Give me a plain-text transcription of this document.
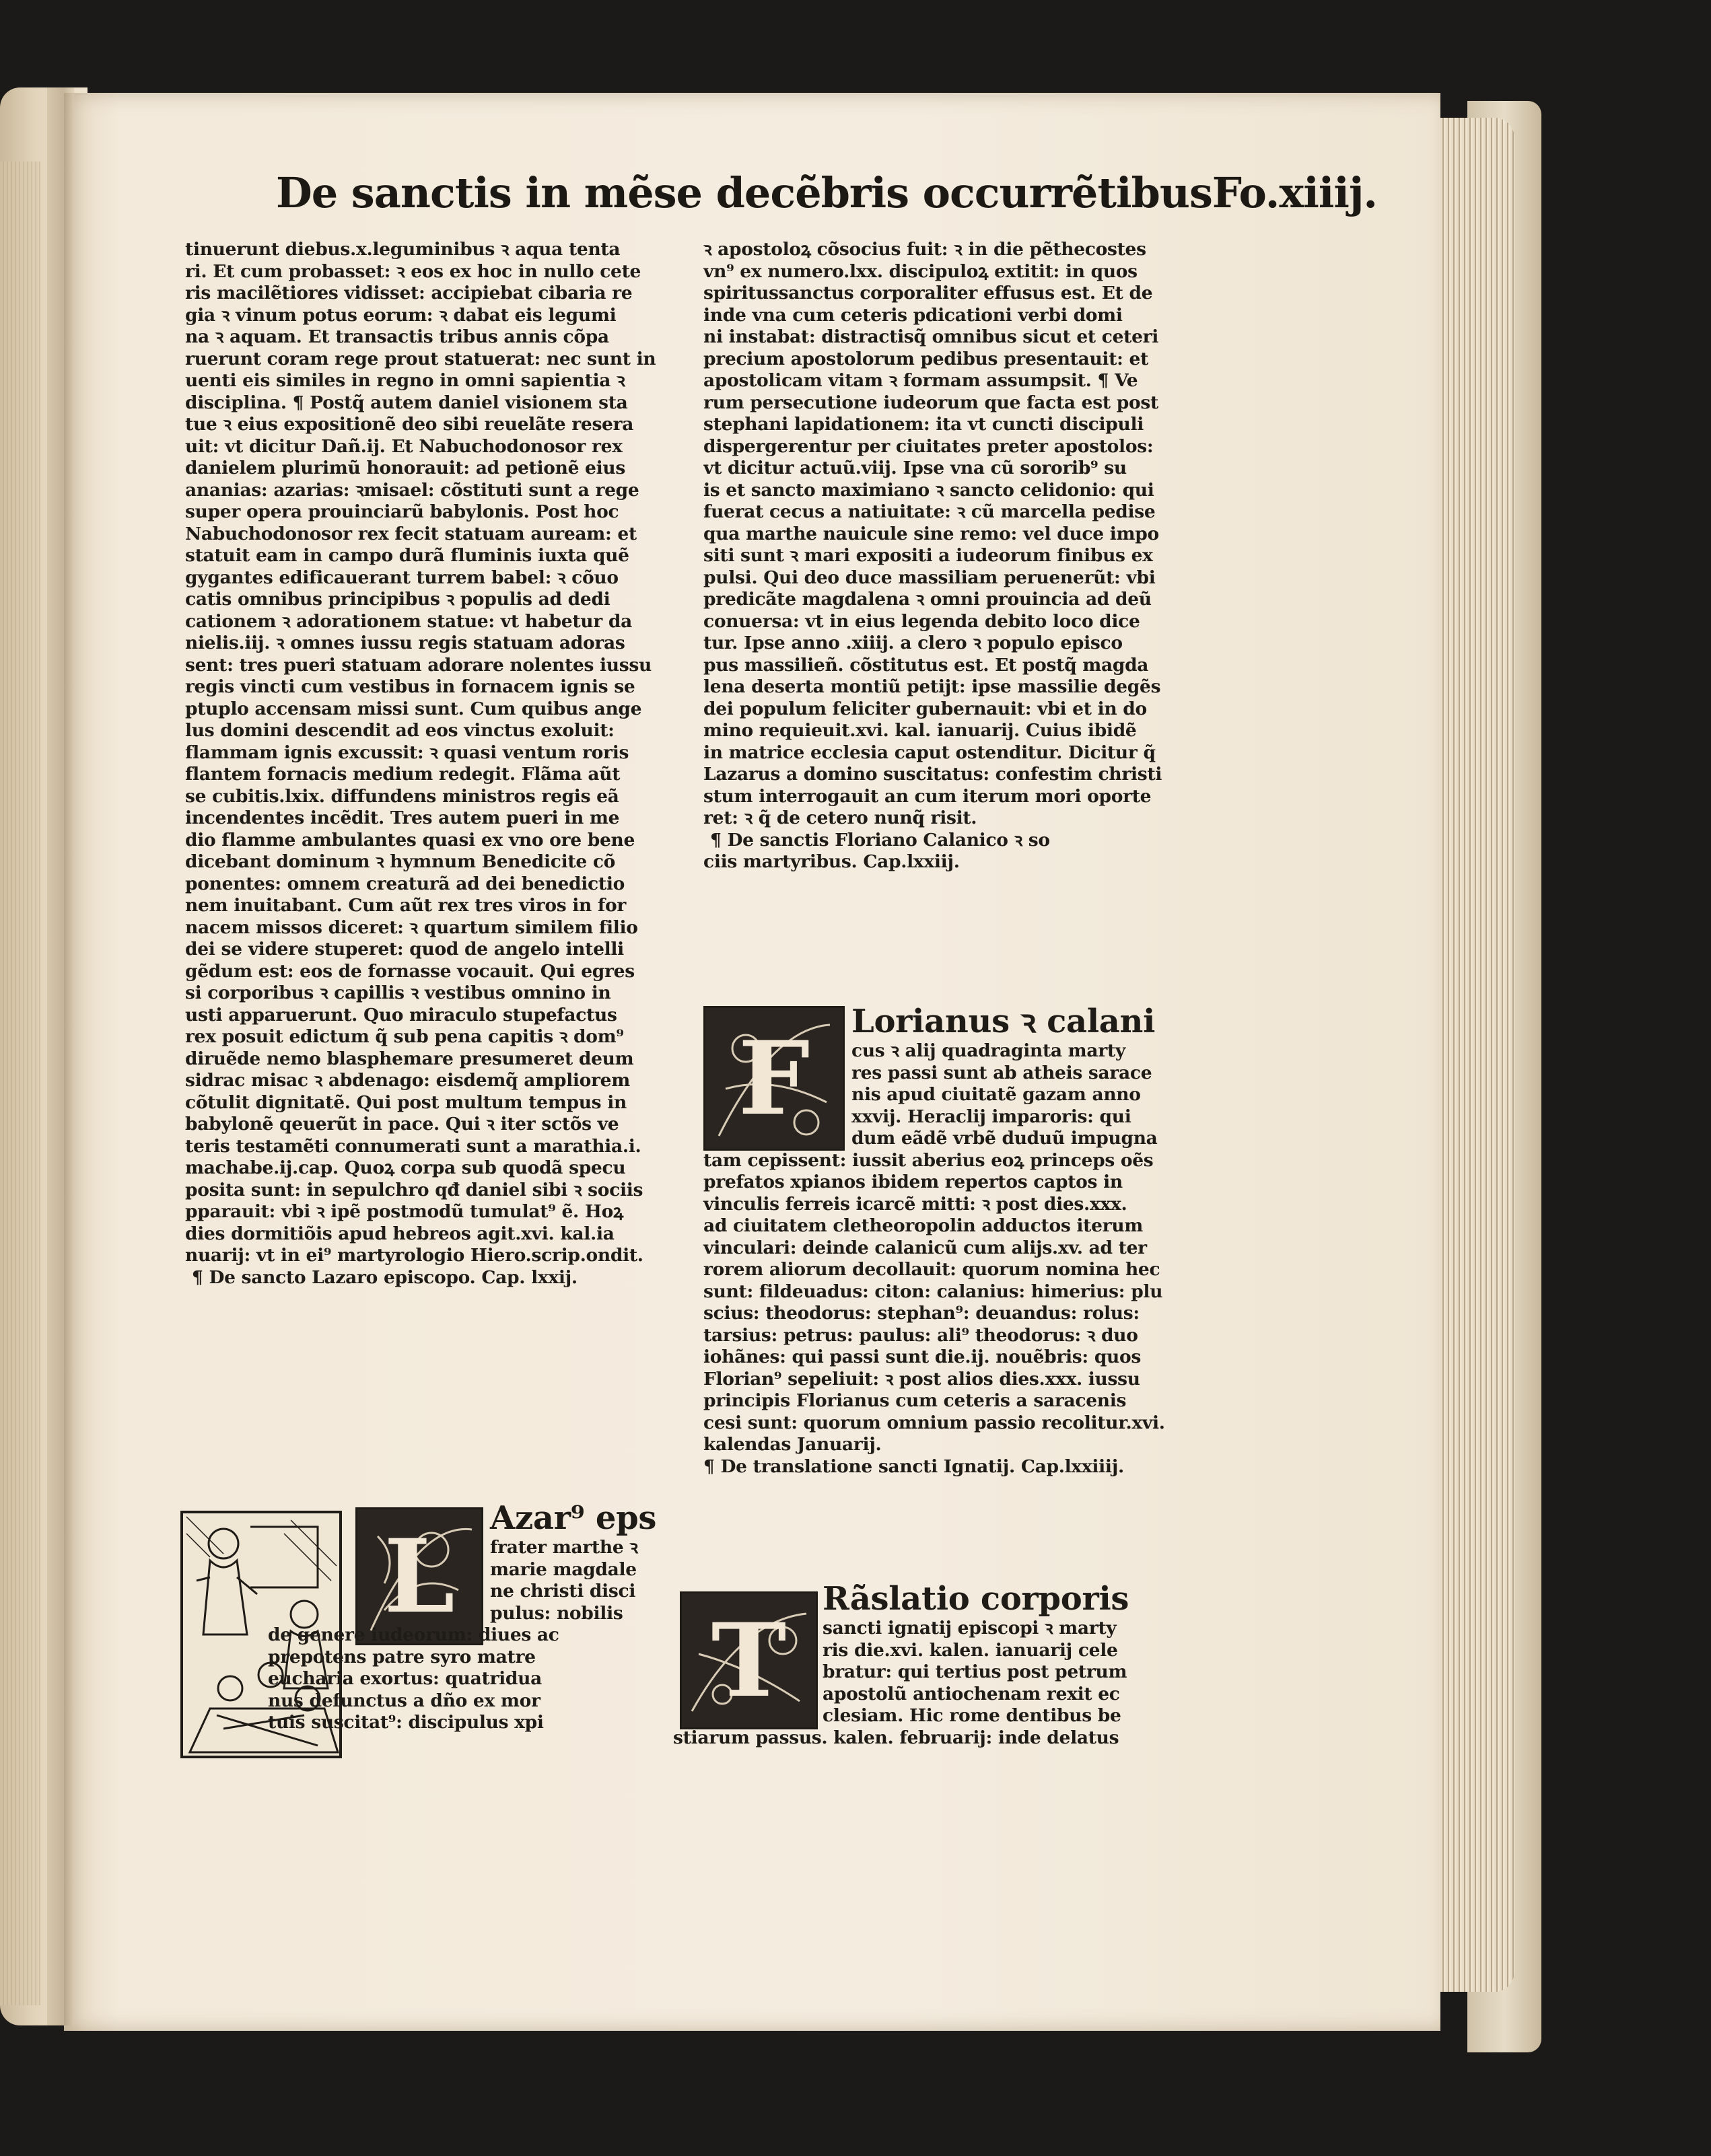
De sanctis in mẽse decẽbris occurrẽtibus Fo.xiiij.
tinuerunt diebus.x.leguminibus ꝛ aqua tenta
ri. Et cum probasset: ꝛ eos ex hoc in nullo cete
ris macilẽtiores vidisset: accipiebat cibaria re
gia ꝛ vinum potus eorum: ꝛ dabat eis legumi
na ꝛ aquam. Et transactis tribus annis cõpa
ruerunt coram rege prout statuerat: nec sunt in
uenti eis similes in regno in omni sapientia ꝛ
disciplina. ¶ Postq̃ autem daniel visionem sta
tue ꝛ eius expositionẽ deo sibi reuelãte resera
uit: vt dicitur Dañ.ij. Et Nabuchodonosor rex
danielem plurimũ honorauit: ad petionẽ eius
ananias: azarias: ꝛmisael: cõstituti sunt a rege
super opera prouinciarũ babylonis. Post hoc
Nabuchodonosor rex fecit statuam auream: et
statuit eam in campo durã fluminis iuxta quẽ
gygantes edificauerant turrem babel: ꝛ cõuo
catis omnibus principibus ꝛ populis ad dedi
cationem ꝛ adorationem statue: vt habetur da
nielis.iij. ꝛ omnes iussu regis statuam adoras
sent: tres pueri statuam adorare nolentes iussu
regis vincti cum vestibus in fornacem ignis se
ptuplo accensam missi sunt. Cum quibus ange
lus domini descendit ad eos vinctus exoluit:
flammam ignis excussit: ꝛ quasi ventum roris
flantem fornacis medium redegit. Flãma aũt
se cubitis.lxix. diffundens ministros regis eã
incendentes incẽdit. Tres autem pueri in me
dio flamme ambulantes quasi ex vno ore bene
dicebant dominum ꝛ hymnum Benedicite cõ
ponentes: omnem creaturã ad dei benedictio
nem inuitabant. Cum aũt rex tres viros in for
nacem missos diceret: ꝛ quartum similem filio
dei se videre stuperet: quod de angelo intelli
gẽdum est: eos de fornasse vocauit. Qui egres
si corporibus ꝛ capillis ꝛ vestibus omnino in
usti apparuerunt. Quo miraculo stupefactus
rex posuit edictum q̃ sub pena capitis ꝛ dom⁹
diruẽde nemo blasphemare presumeret deum
sidrac misac ꝛ abdenago: eisdemq̃ ampliorem
cõtulit dignitatẽ. Qui post multum tempus in
babylonẽ qeuerũt in pace. Qui ꝛ iter sctõs ve
teris testamẽti connumerati sunt a marathia.i.
machabe.ij.cap. Quoꝝ corpa sub quodã specu
posita sunt: in sepulchro qđ daniel sibi ꝛ sociis
pparauit: vbi ꝛ ipẽ postmodũ tumulat⁹ ẽ. Hoꝝ
dies dormitiõis apud hebreos agit.xvi. kal.ia
nuarij: vt in ei⁹ martyrologio Hiero.scrip.ondit.
¶ De sancto Lazaro episcopo. Cap. lxxij.
ꝛ apostoloꝝ cõsocius fuit: ꝛ in die pẽthecostes
vn⁹ ex numero.lxx. discipuloꝝ extitit: in quos
spiritussanctus corporaliter effusus est. Et de
inde vna cum ceteris pdicationi verbi domi
ni instabat: distractisq̃ omnibus sicut et ceteri
precium apostolorum pedibus presentauit: et
apostolicam vitam ꝛ formam assumpsit. ¶ Ve
rum persecutione iudeorum que facta est post
stephani lapidationem: ita vt cuncti discipuli
dispergerentur per ciuitates preter apostolos:
vt dicitur actuũ.viij. Ipse vna cũ sororib⁹ su
is et sancto maximiano ꝛ sancto celidonio: qui
fuerat cecus a natiuitate: ꝛ cũ marcella pedise
qua marthe nauicule sine remo: vel duce impo
siti sunt ꝛ mari expositi a iudeorum finibus ex
pulsi. Qui deo duce massiliam peruenerũt: vbi
predicãte magdalena ꝛ omni prouincia ad deũ
conuersa: vt in eius legenda debito loco dice
tur. Ipse anno .xiiij. a clero ꝛ populo episco
pus massilieñ. cõstitutus est. Et postq̃ magda
lena deserta montiũ petijt: ipse massilie degẽs
dei populum feliciter gubernauit: vbi et in do
mino requieuit.xvi. kal. ianuarij. Cuius ibidẽ
in matrice ecclesia caput ostenditur. Dicitur q̃
Lazarus a domino suscitatus: confestim christi
stum interrogauit an cum iterum mori oporte
ret: ꝛ q̃ de cetero nunq̃ risit.
¶ De sanctis Floriano Calanico ꝛ so
ciis martyribus. Cap.lxxiij.
L	Azar⁹ eps
frater marthe ꝛ
marie magdale
ne christi disci
pulus: nobilis
de genere iudeorum: diues ac
prepotens patre syro matre
eucharia exortus: quatridua
nus defunctus a dño ex mor
tuis suscitat⁹: discipulus xpi
F	Lorianus ꝛ calani
cus ꝛ alij quadraginta marty
res passi sunt ab atheis sarace
nis apud ciuitatẽ gazam anno
xxvij. Heraclij imparoris: qui
dum eãdẽ vrbẽ duduũ impugna
tam cepissent: iussit aberius eoꝝ princeps oẽs
prefatos xpianos ibidem repertos captos in
vinculis ferreis icarcẽ mitti: ꝛ post dies.xxx.
ad ciuitatem cletheoropolin adductos iterum
vinculari: deinde calanicũ cum alijs.xv. ad ter
rorem aliorum decollauit: quorum nomina hec
sunt: fildeuadus: citon: calanius: himerius: plu
scius: theodorus: stephan⁹: deuandus: rolus:
tarsius: petrus: paulus: ali⁹ theodorus: ꝛ duo
iohãnes: qui passi sunt die.ij. nouẽbris: quos
Florian⁹ sepeliuit: ꝛ post alios dies.xxx. iussu
principis Florianus cum ceteris a saracenis
cesi sunt: quorum omnium passio recolitur.xvi.
kalendas Januarij.
¶ De translatione sancti Ignatij. Cap.lxxiiij.
T
Rãslatio corporis
sancti ignatij episcopi ꝛ marty
ris die.xvi. kalen. ianuarij cele
bratur: qui tertius post petrum
apostolũ antiochenam rexit ec
clesiam. Hic rome dentibus be
stiarum passus. kalen. februarij: inde delatus
